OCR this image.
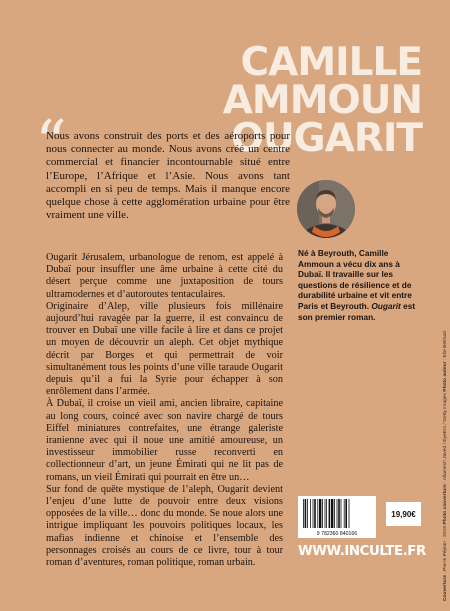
CAMILLE
AMMOUN
OUGARIT
“

Nous avons construit des ports et des aéroports pour nous connecter au monde. Nous avons créé un centre commercial et financier incontournable situé entre l’Europe, l’Afrique et l’Asie. Nous avons tant accompli en si peu de temps. Mais il manque encore quelque chose à cette agglomération urbaine pour être vraiment une ville.

Né à Beyrouth, Camille Ammoun a vécu dix ans à Dubaï. Il travaille sur les questions de résilience et de durabilité urbaine et vit entre Paris et Beyrouth. Ougarit est son premier roman.

Ougarit Jérusalem, urbanologue de renom, est appelé à Dubaï pour insuffler une âme urbaine à cette cité du désert perçue comme une juxtaposition de tours ultramodernes et d’autoroutes tentaculaires.

Originaire d’Alep, ville plusieurs fois millénaire aujourd’hui ravagée par la guerre, il est convaincu de trouver en Dubaï une ville facile à lire et dans ce projet un moyen de découvrir un aleph. Cet objet mythique décrit par Borges et qui permettrait de voir simultanément tous les points d’une ville taraude Ougarit depuis qu’il a fui la Syrie pour échapper à son enrôlement dans l’armée.

À Dubaï, il croise un vieil ami, ancien libraire, capitaine au long cours, coincé avec son navire chargé de tours Eiffel miniatures contrefaites, une étrange galeriste iranienne avec qui il noue une amitié amoureuse, un investisseur immobilier russe reconverti en collectionneur d’art, un jeune Émirati qui ne lit pas de romans, un vieil Émirati qui pourrait en être un…

Sur fond de quête mystique de l’aleph, Ougarit devient l’enjeu d’une lutte de pouvoir entre deux visions opposées de la ville… donc du monde. Se noue alors une intrigue impliquant les pouvoirs politiques locaux, les mafias indienne et chinoise et l’ensemble des personnages croisés au cours de ce livre, tour à tour roman d’aventures, roman politique, roman urbain.

Couverture : Pierre Péjean · 2019 Photo couverture : Allamesh Javed / EyeEm / Getty images Photo auteur : Elie Bekhazi
9 782360 840166
19,90€
WWW.INCULTE.FR
